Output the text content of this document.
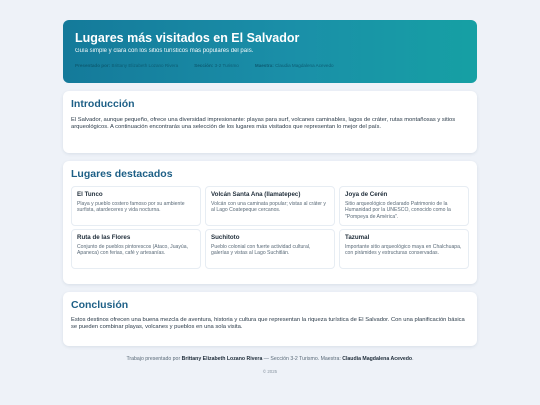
Lugares más visitados en El Salvador
Guía simple y clara con los sitios turísticos más populares del país.
Presentado por: Brittany Elizabeth Lozano Rivera	Sección: 3-2 Turismo	Maestra: Claudia Magdalena Acevedo
Introducción

El Salvador, aunque pequeño, ofrece una diversidad impresionante: playas para surf, volcanes caminables, lagos de cráter, rutas montañosas y sitios arqueológicos. A continuación encontrarás una selección de los lugares más visitados que representan lo mejor del país.

Lugares destacados
El Tunco
Playa y pueblo costero famoso por su ambiente surfista, atardeceres y vida nocturna.
Volcán Santa Ana (Ilamatepec)
Volcán con una caminata popular; vistas al cráter y al Lago Coatepeque cercanos.
Joya de Cerén
Sitio arqueológico declarado Patrimonio de la Humanidad por la UNESCO, conocido como la "Pompeya de América".
Ruta de las Flores
Conjunto de pueblos pintorescos (Ataco, Juayúa, Apaneca) con ferias, café y artesanías.
Suchitoto
Pueblo colonial con fuerte actividad cultural, galerías y vistas al Lago Suchitlán.
Tazumal
Importante sitio arqueológico maya en Chalchuapa, con pirámides y estructuras conservadas.
Conclusión

Estos destinos ofrecen una buena mezcla de aventura, historia y cultura que representan la riqueza turística de El Salvador. Con una planificación básica se pueden combinar playas, volcanes y pueblos en una sola visita.

Trabajo presentado por Brittany Elizabeth Lozano Rivera — Sección 3-2 Turismo. Maestra: Claudia Magdalena Acevedo.
© 2025
